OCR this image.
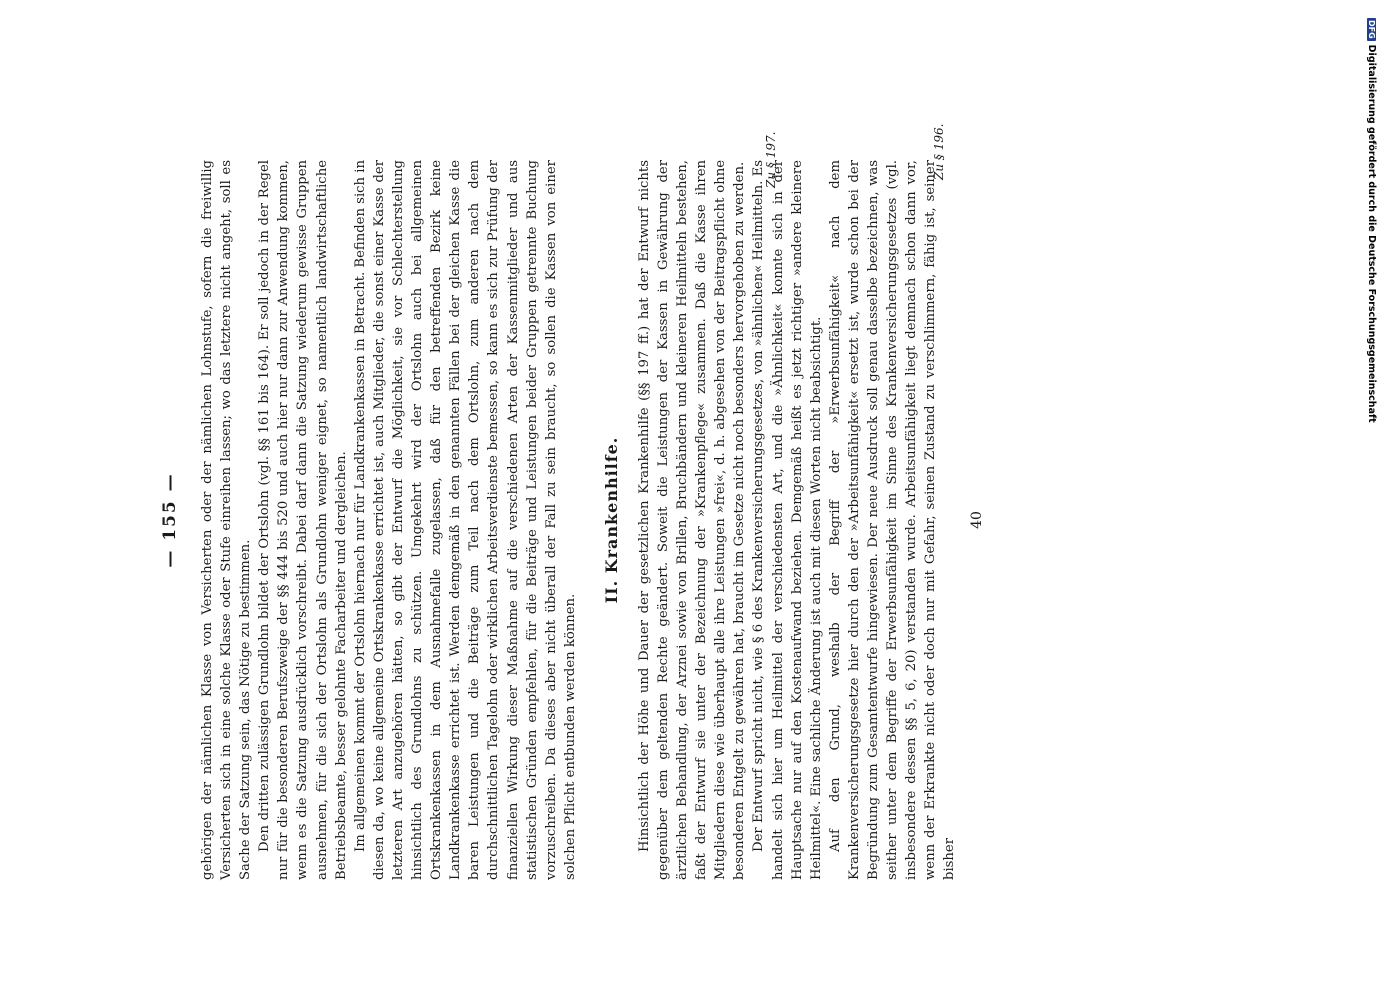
— 155 — gehörigen der nämlichen Klasse von Versicherten oder der nämlichen Lohnstufe, sofern die freiwillig Versicherten sich in eine solche Klasse oder Stufe einreihen lassen; wo das letztere nicht angeht, soll es Sache der Satzung sein, das Nötige zu bestimmen. Den dritten zulässigen Grundlohn bildet der Ortslohn (vgl. §§ 161 bis 164). Er soll jedoch in der Regel nur für die besonderen Berufszweige der §§ 444 bis 520 und auch hier nur dann zur Anwendung kommen, wenn es die Satzung ausdrücklich vorschreibt. Dabei darf dann die Satzung wiederum gewisse Gruppen ausnehmen, für die sich der Ortslohn als Grundlohn weniger eignet, so namentlich landwirtschaftliche Betriebsbeamte, besser gelohnte Facharbeiter und dergleichen. Im allgemeinen kommt der Ortslohn hiernach nur für Landkrankenkassen in Betracht. Befinden sich in diesen da, wo keine allgemeine Ortskrankenkasse errichtet ist, auch Mitglieder, die sonst einer Kasse der letzteren Art anzugehören hätten, so gibt der Entwurf die Möglichkeit, sie vor Schlechterstellung hinsichtlich des Grundlohns zu schützen. Umgekehrt wird der Ortslohn auch bei allgemeinen Ortskrankenkassen in dem Ausnahmefalle zugelassen, daß für den betreffenden Bezirk keine Landkrankenkasse errichtet ist. Werden demgemäß in den genannten Fällen bei der gleichen Kasse die baren Leistungen und die Beiträge zum Teil nach dem Ortslohn, zum anderen nach dem durchschnittlichen Tagelohn oder wirklichen Arbeitsverdienste bemessen, so kann es sich zur Prüfung der finanziellen Wirkung dieser Maßnahme auf die verschiedenen Arten der Kassenmitglieder und aus statistischen Gründen empfehlen, für die Beiträge und Leistungen beider Gruppen getrennte Buchung vorzuschreiben. Da dieses aber nicht überall der Fall zu sein braucht, so sollen die Kassen von einer solchen Pflicht entbunden werden können.

II. Krankenhilfe. Hinsichtlich der Höhe und Dauer der gesetzlichen Krankenhilfe (§§ 197 ff.) hat der Entwurf nichts gegenüber dem geltenden Rechte geändert. Soweit die Leistungen der Kassen in Gewährung der ärztlichen Behandlung, der Arznei sowie von Brillen, Bruchbändern und kleineren Heilmitteln bestehen, faßt der Entwurf sie unter der Bezeichnung der »Krankenpflege« zusammen. Daß die Kasse ihren Mitgliedern diese wie überhaupt alle ihre Leistungen »frei«, d. h. abgesehen von der Beitragspflicht ohne besonderen Entgelt zu gewähren hat, braucht im Gesetze nicht noch besonders hervorgehoben zu werden. Der Entwurf spricht nicht, wie § 6 des Krankenversicherungsgesetzes, von »ähnlichen« Heilmitteln. Es handelt sich hier um Heilmittel der verschiedensten Art, und die »Ähnlichkeit« konnte sich in der Hauptsache nur auf den Kostenaufwand beziehen. Demgemäß heißt es jetzt richtiger »andere kleinere Heilmittel«. Eine sachliche Änderung ist auch mit diesen Worten nicht beabsichtigt. Auf den Grund, weshalb der Begriff der »Erwerbsunfähigkeit« nach dem Krankenversicherungsgesetze hier durch den der »Arbeitsunfähigkeit« ersetzt ist, wurde schon bei der Begründung zum Gesamtentwurfe hingewiesen. Der neue Ausdruck soll genau dasselbe bezeichnen, was seither unter dem Begriffe der Erwerbsunfähigkeit im Sinne des Krankenversicherungsgesetzes (vgl. insbesondere dessen §§ 5, 6, 20) verstanden wurde. Arbeitsunfähigkeit liegt demnach schon dann vor, wenn der Erkrankte nicht oder doch nur mit Gefahr, seinen Zustand zu verschlimmern, fähig ist, seiner bisher

40
Zu § 196.
Zu § 197.
DFGDigitalisierung gefördert durch die Deutsche Forschungsgemeinschaft
